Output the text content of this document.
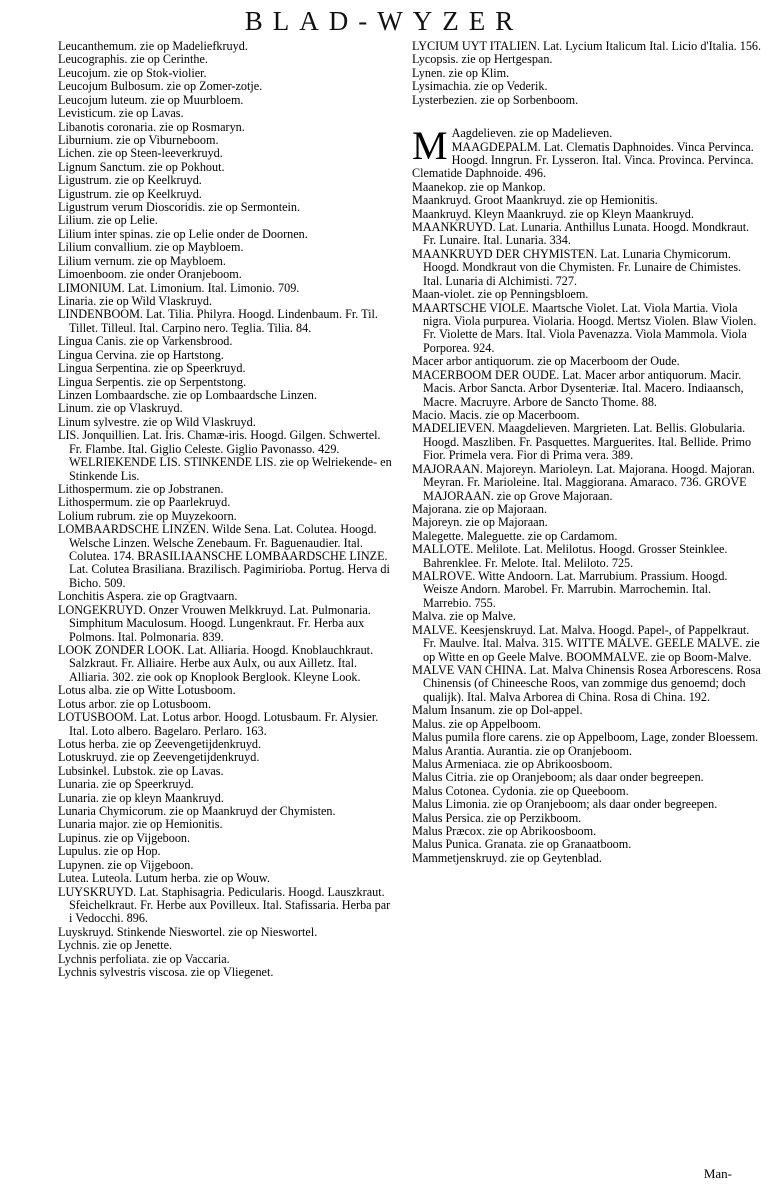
BLAD-WYZER
Leucanthemum. zie op Madeliefkruyd.
Leucographis. zie op Cerinthe.
Leucojum. zie op Stok-violier.
Leucojum Bulbosum. zie op Zomer-zotje.
Leucojum luteum. zie op Muurbloem.
Levisticum. zie op Lavas.
Libanotis coronaria. zie op Rosmaryn.
Liburnium. zie op Viburneboom.
Lichen. zie op Steen-leeverkruyd.
Lignum Sanctum. zie op Pokhout.
Ligustrum. zie op Keelkruyd.
Ligustrum. zie op Keelkruyd.
Ligustrum verum Dioscoridis. zie op Sermontein.
Lilium. zie op Lelie.
Lilium inter spinas. zie op Lelie onder de Doornen.
Lilium convallium. zie op Maybloem.
Lilium vernum. zie op Maybloem.
Limoenboom. zie onder Oranjeboom.
LIMONIUM. Lat. Limonium. Ital. Limonio. 709.
Linaria. zie op Wild Vlaskruyd.
LINDENBOOM. Lat. Tilia. Philyra. Hoogd. Lindenbaum. Fr. Til. Tillet. Tilleul. Ital. Carpino nero. Teglia. Tilia. 84.
Lingua Canis. zie op Varkensbrood.
Lingua Cervina. zie op Hartstong.
Lingua Serpentina. zie op Speerkruyd.
Lingua Serpentis. zie op Serpentstong.
Linzen Lombaardsche. zie op Lombaardsche Linzen.
Linum. zie op Vlaskruyd.
Linum sylvestre. zie op Wild Vlaskruyd.
LIS. Jonquillien. Lat. Iris. Chamæ-iris. Hoogd. Gilgen. Schwertel. Fr. Flambe. Ital. Giglio Celeste. Giglio Pavonasso. 429. WELRIEKENDE LIS. STINKENDE LIS. zie op Welriekende- en Stinkende Lis.
Lithospermum. zie op Jobstranen.
Lithospermum. zie op Paarlekruyd.
Lolium rubrum. zie op Muyzekoorn.
LOMBAARDSCHE LINZEN. Wilde Sena. Lat. Colutea. Hoogd. Welsche Linzen. Welsche Zenebaum. Fr. Baguenaudier. Ital. Colutea. 174. BRASILIAANSCHE LOMBAARDSCHE LINZE. Lat. Colutea Brasiliana. Brazilisch. Pagimirioba. Portug. Herva di Bicho. 509.
Lonchitis Aspera. zie op Gragtvaarn.
LONGEKRUYD. Onzer Vrouwen Melkkruyd. Lat. Pulmonaria. Simphitum Maculosum. Hoogd. Lungenkraut. Fr. Herba aux Polmons. Ital. Polmonaria. 839.
LOOK ZONDER LOOK. Lat. Alliaria. Hoogd. Knoblauchkraut. Salzkraut. Fr. Alliaire. Herbe aux Aulx, ou aux Ailletz. Ital. Alliaria. 302. zie ook op Knoplook Berglook. Kleyne Look.
Lotus alba. zie op Witte Lotusboom.
Lotus arbor. zie op Lotusboom.
LOTUSBOOM. Lat. Lotus arbor. Hoogd. Lotusbaum. Fr. Alysier. Ital. Loto albero. Bagelaro. Perlaro. 163.
Lotus herba. zie op Zeevengetijdenkruyd.
Lotuskruyd. zie op Zeevengetijdenkruyd.
Lubsinkel. Lubstok. zie op Lavas.
Lunaria. zie op Speerkruyd.
Lunaria. zie op kleyn Maankruyd.
Lunaria Chymicorum. zie op Maankruyd der Chymisten.
Lunaria major. zie op Hemionitis.
Lupinus. zie op Vijgeboon.
Lupulus. zie op Hop.
Lupynen. zie op Vijgeboon.
Lutea. Luteola. Lutum herba. zie op Wouw.
LUYSKRUYD. Lat. Staphisagria. Pedicularis. Hoogd. Lauszkraut. Sfeichelkraut. Fr. Herbe aux Povilleux. Ital. Stafissaria. Herba par i Vedocchi. 896.
Luyskruyd. Stinkende Nieswortel. zie op Nieswortel.
Lychnis. zie op Jenette.
Lychnis perfoliata. zie op Vaccaria.
Lychnis sylvestris viscosa. zie op Vliegenet.
LYCIUM UYT ITALIEN. Lat. Lycium Italicum Ital. Licio d'Italia. 156.
Lycopsis. zie op Hertgespan.
Lynen. zie op Klim.
Lysimachia. zie op Vederik.
Lysterbezien. zie op Sorbenboom.
M Aagdelieven. zie op Madelieven.
MAAGDEPALM. Lat. Clematis Daphnoides. Vinca Pervinca. Hoogd. Inngrun. Fr. Lysseron. Ital. Vinca. Provinca. Pervinca. Clematide Daphnoide. 496.
Maanekop. zie op Mankop.
Maankruyd. Groot Maankruyd. zie op Hemionitis.
Maankruyd. Kleyn Maankruyd. zie op Kleyn Maankruyd.
MAANKRUYD. Lat. Lunaria. Anthillus Lunata. Hoogd. Mondkraut. Fr. Lunaire. Ital. Lunaria. 334.
MAANKRUYD DER CHYMISTEN. Lat. Lunaria Chymicorum. Hoogd. Mondkraut von die Chymisten. Fr. Lunaire de Chimistes. Ital. Lunaria di Alchimisti. 727.
Maan-violet. zie op Penningsbloem.
MAARTSCHE VIOLE. Maartsche Violet. Lat. Viola Martia. Viola nigra. Viola purpurea. Violaria. Hoogd. Mertsz Violen. Blaw Violen. Fr. Violette de Mars. Ital. Viola Pavenazza. Viola Mammola. Viola Porporea. 924.
Macer arbor antiquorum. zie op Macerboom der Oude.
MACERBOOM DER OUDE. Lat. Macer arbor antiquorum. Macir. Macis. Arbor Sancta. Arbor Dysenteriæ. Ital. Macero. Indiaansch, Macre. Macruyre. Arbore de Sancto Thome. 88.
Macio. Macis. zie op Macerboom.
MADELIEVEN. Maagdelieven. Margrieten. Lat. Bellis. Globularia. Hoogd. Maszliben. Fr. Pasquettes. Marguerites. Ital. Bellide. Primo Fior. Primela vera. Fior di Prima vera. 389.
MAJORAAN. Majoreyn. Marioleyn. Lat. Majorana. Hoogd. Majoran. Meyran. Fr. Marioleine. Ital. Maggiorana. Amaraco. 736. GROVE MAJORAAN. zie op Grove Majoraan.
Majorana. zie op Majoraan.
Majoreyn. zie op Majoraan.
Malegette. Maleguette. zie op Cardamom.
MALLOTE. Melilote. Lat. Melilotus. Hoogd. Grosser Steinklee. Bahrenklee. Fr. Melote. Ital. Meliloto. 725.
MALROVE. Witte Andoorn. Lat. Marrubium. Prassium. Hoogd. Weisze Andorn. Marobel. Fr. Marrubin. Marrochemin. Ital. Marrebio. 755.
Malva. zie op Malve.
MALVE. Keesjenskruyd. Lat. Malva. Hoogd. Papel-, of Pappelkraut. Fr. Maulve. Ital. Malva. 315. WITTE MALVE. GEELE MALVE. zie op Witte en op Geele Malve. BOOMMALVE. zie op Boom-Malve.
MALVE VAN CHINA. Lat. Malva Chinensis Rosea Arborescens. Rosa Chinensis (of Chineesche Roos, van zommige dus genoemd; doch qualijk). Ital. Malva Arborea di China. Rosa di China. 192.
Malum Insanum. zie op Dol-appel.
Malus. zie op Appelboom.
Malus pumila flore carens. zie op Appelboom, Lage, zonder Bloessem.
Malus Arantia. Aurantia. zie op Oranjeboom.
Malus Armeniaca. zie op Abrikoosboom.
Malus Citria. zie op Oranjeboom; als daar onder begreepen.
Malus Cotonea. Cydonia. zie op Queeboom.
Malus Limonia. zie op Oranjeboom; als daar onder begreepen.
Malus Persica. zie op Perzikboom.
Malus Præcox. zie op Abrikoosboom.
Malus Punica. Granata. zie op Granaatboom.
Mammetjenskruyd. zie op Geytenblad.
Man-
